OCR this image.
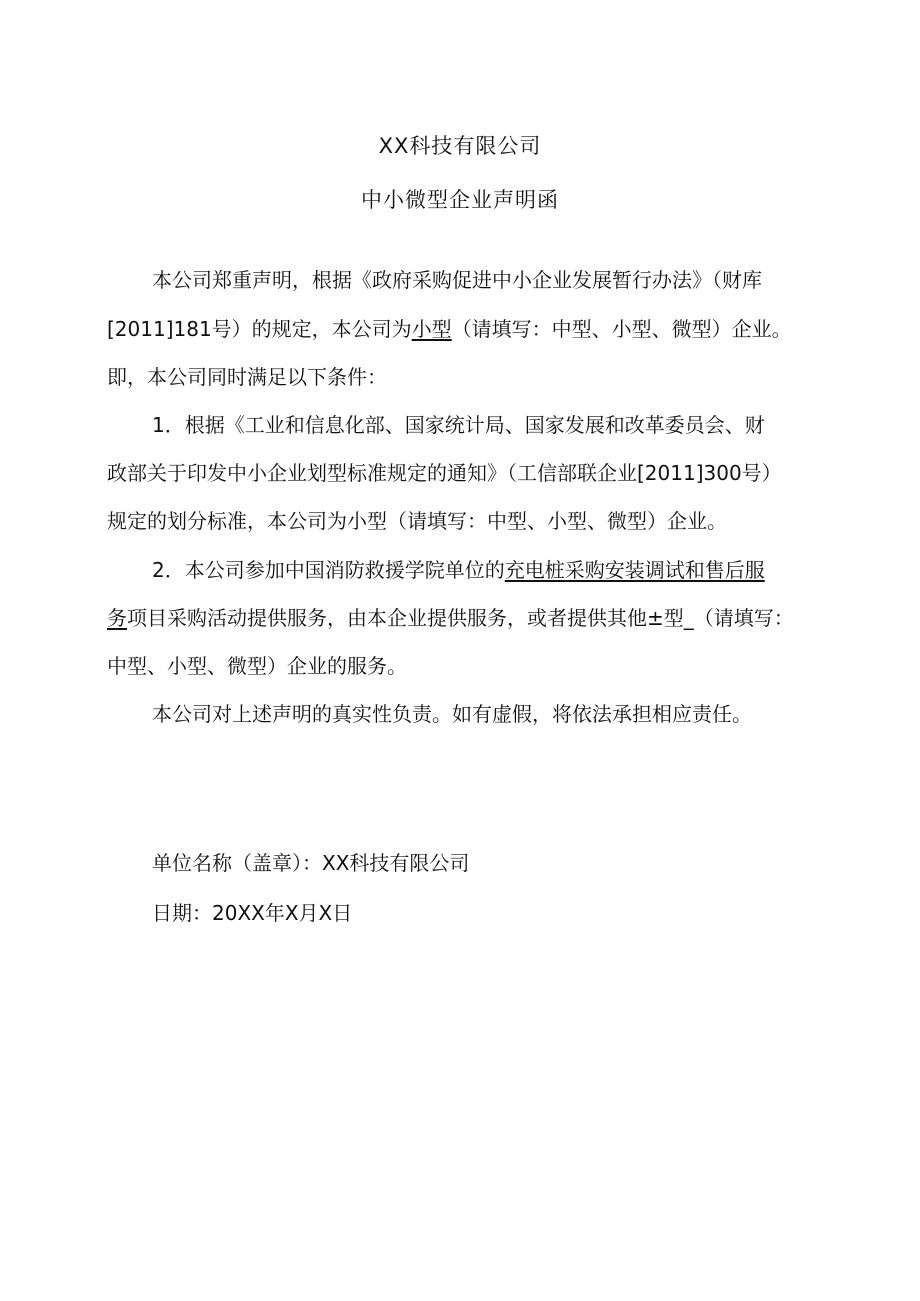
XX科技有限公司
中小微型企业声明函
本公司郑重声明，根据《政府采购促进中小企业发展暂行办法》（财库
[2011]181号）的规定，本公司为小型（请填写：中型、小型、微型）企业。
即，本公司同时满足以下条件：
1．根据《工业和信息化部、国家统计局、国家发展和改革委员会、财
政部关于印发中小企业划型标准规定的通知》（工信部联企业[2011]300号）
规定的划分标准，本公司为小型（请填写：中型、小型、微型）企业。
2．本公司参加中国消防救援学院单位的充电桩采购安装调试和售后服
务项目采购活动提供服务，由本企业提供服务，或者提供其他±型_（请填写：
中型、小型、微型）企业的服务。
本公司对上述声明的真实性负责。如有虚假，将依法承担相应责任。
单位名称（盖章）：XX科技有限公司
日期：20XX年X月X日
